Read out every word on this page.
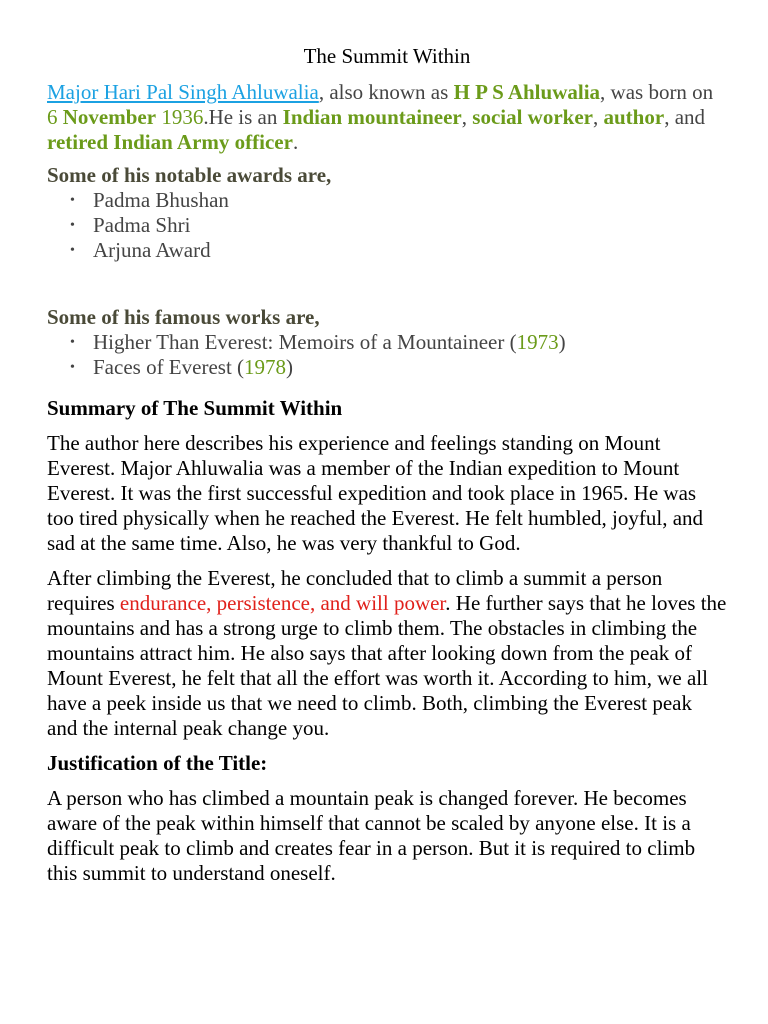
The Summit Within

Major Hari Pal Singh Ahluwalia, also known as H P S Ahluwalia, was born on 6 November 1936.He is an Indian mountaineer, social worker, author, and retired Indian Army officer.

Some of his notable awards are,

• Padma Bhushan
• Padma Shri
• Arjuna Award

Some of his famous works are,

• Higher Than Everest: Memoirs of a Mountaineer (1973)
• Faces of Everest (1978)

Summary of The Summit Within

The author here describes his experience and feelings standing on Mount Everest. Major Ahluwalia was a member of the Indian expedition to Mount Everest. It was the first successful expedition and took place in 1965. He was too tired physically when he reached the Everest. He felt humbled, joyful, and sad at the same time. Also, he was very thankful to God.

After climbing the Everest, he concluded that to climb a summit a person requires endurance, persistence, and will power. He further says that he loves the mountains and has a strong urge to climb them. The obstacles in climbing the mountains attract him. He also says that after looking down from the peak of Mount Everest, he felt that all the effort was worth it. According to him, we all have a peek inside us that we need to climb. Both, climbing the Everest peak and the internal peak change you.

Justification of the Title:

A person who has climbed a mountain peak is changed forever. He becomes aware of the peak within himself that cannot be scaled by anyone else. It is a difficult peak to climb and creates fear in a person. But it is required to climb this summit to understand oneself.
